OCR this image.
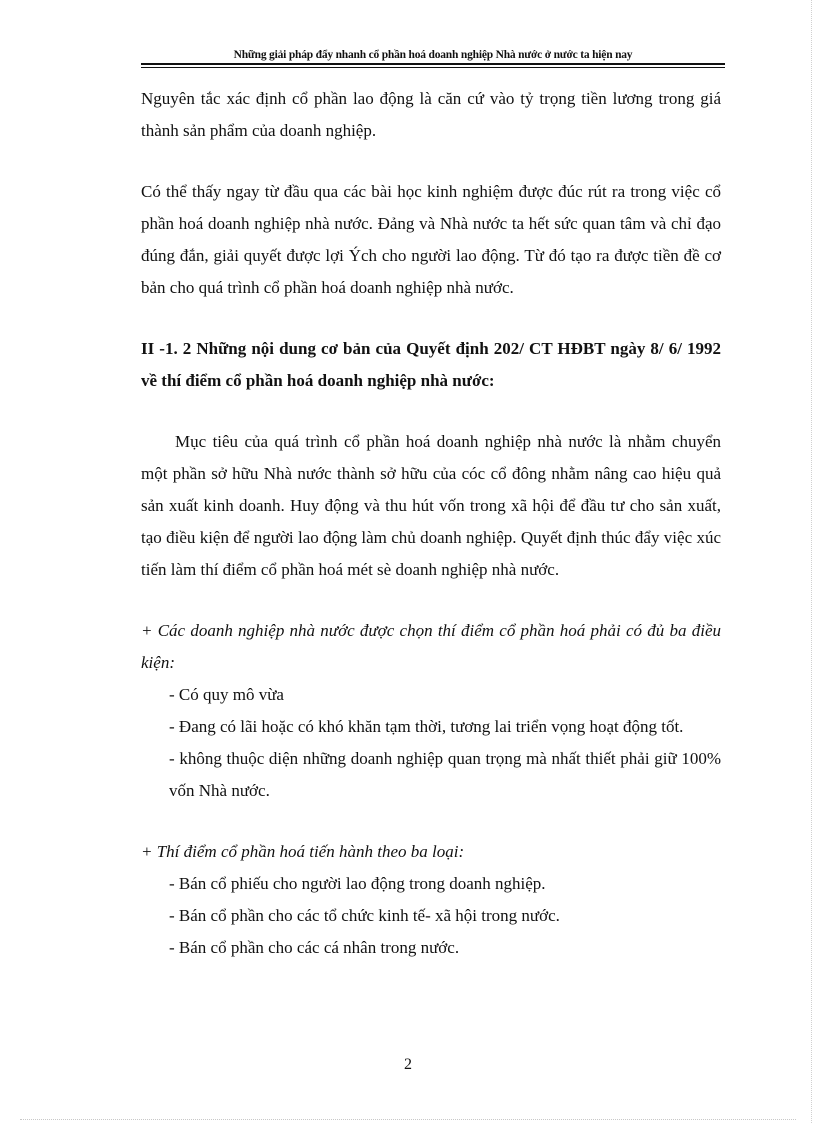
Những giải pháp đẩy nhanh cổ phần hoá doanh nghiệp Nhà nước ở nước ta hiện nay

Nguyên tắc xác định cổ phần lao động là căn cứ vào tỷ trọng tiền lương trong giá thành sản phẩm của doanh nghiệp.

Có thể thấy ngay từ đầu qua các bài học kinh nghiệm được đúc rút ra trong việc cổ phần hoá doanh nghiệp nhà nước. Đảng và Nhà nước ta hết sức quan tâm và chỉ đạo đúng đắn, giải quyết được lợi Ých cho người lao động. Từ đó tạo ra được tiền đề cơ bản cho quá trình cổ phần hoá doanh nghiệp nhà nước.

II -1. 2 Những nội dung cơ bản của Quyết định 202/ CT HĐBT ngày 8/ 6/ 1992 về thí điểm cổ phần hoá doanh nghiệp nhà nước:

Mục tiêu của quá trình cổ phần hoá doanh nghiệp nhà nước là nhằm chuyển một phần sở hữu Nhà nước thành sở hữu của cóc cổ đông nhằm nâng cao hiệu quả sản xuất kinh doanh. Huy động và thu hút vốn trong xã hội để đầu tư cho sản xuất, tạo điều kiện để người lao động làm chủ doanh nghiệp. Quyết định thúc đẩy việc xúc tiến làm thí điểm cổ phần hoá mét sè doanh nghiệp nhà nước.

+ Các doanh nghiệp nhà nước được chọn thí điểm cổ phần hoá phải có đủ ba điều kiện:

- Có quy mô vừa

- Đang có lãi hoặc có khó khăn tạm thời, tương lai triển vọng hoạt động tốt.

- không thuộc diện những doanh nghiệp quan trọng mà nhất thiết phải giữ 100% vốn Nhà nước.

+ Thí điểm cổ phần hoá tiến hành theo ba loại:

- Bán cổ phiếu cho người lao động trong doanh nghiệp.

- Bán cổ phần cho các tổ chức kinh tế- xã hội trong nước.

- Bán cổ phần cho các cá nhân trong nước.

2
